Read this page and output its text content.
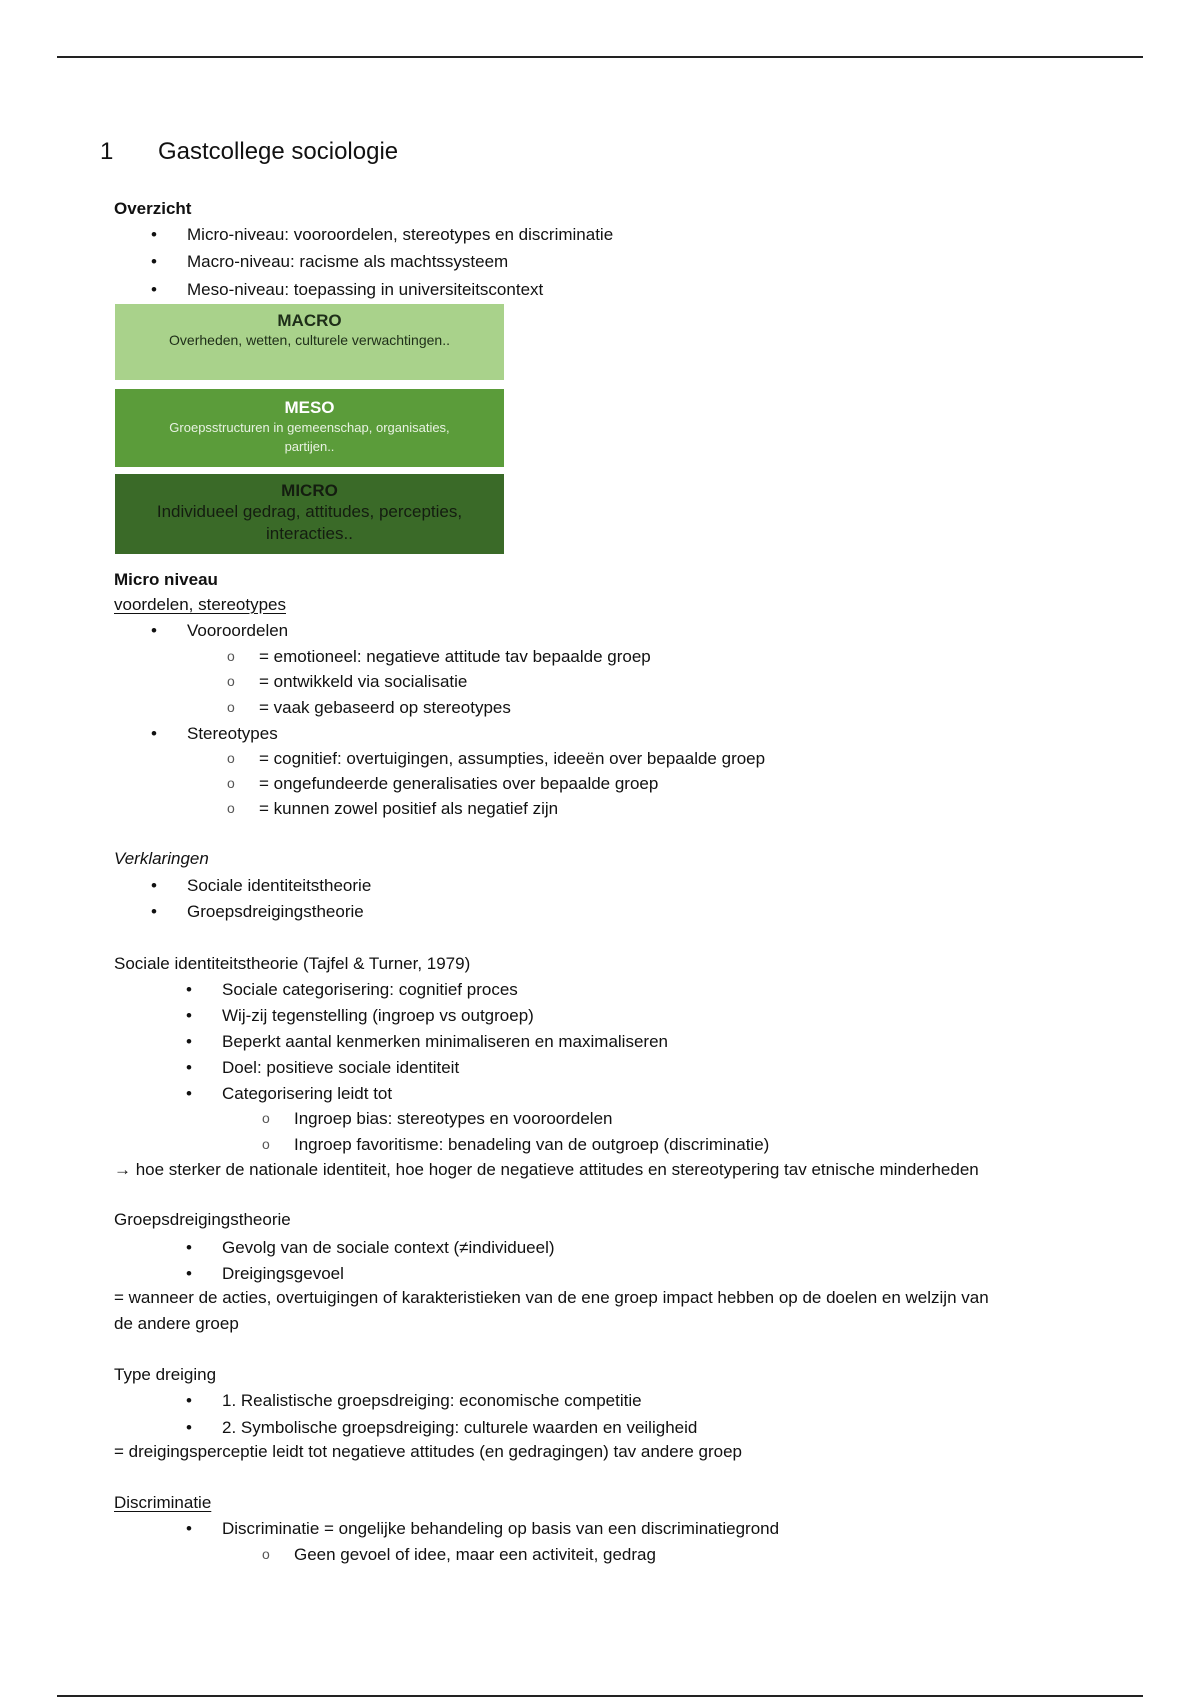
1 Gastcollege sociologie
Overzicht
• Micro-niveau: vooroordelen, stereotypes en discriminatie
• Macro-niveau: racisme als machtssysteem
• Meso-niveau: toepassing in universiteitscontext
MACRO
Overheden, wetten, culturele verwachtingen..
MESO
Groepsstructuren in gemeenschap, organisaties, partijen..
MICRO
Individueel gedrag, attitudes, percepties, interacties..
Micro niveau
voordelen, stereotypes
• Vooroordelen
o = emotioneel: negatieve attitude tav bepaalde groep
o = ontwikkeld via socialisatie
o = vaak gebaseerd op stereotypes
• Stereotypes
o = cognitief: overtuigingen, assumpties, ideeën over bepaalde groep
o = ongefundeerde generalisaties over bepaalde groep
o = kunnen zowel positief als negatief zijn
Verklaringen
• Sociale identiteitstheorie
• Groepsdreigingstheorie
Sociale identiteitstheorie (Tajfel & Turner, 1979)
• Sociale categorisering: cognitief proces
• Wij-zij tegenstelling (ingroep vs outgroep)
• Beperkt aantal kenmerken minimaliseren en maximaliseren
• Doel: positieve sociale identiteit
• Categorisering leidt tot
o Ingroep bias: stereotypes en vooroordelen
o Ingroep favoritisme: benadeling van de outgroep (discriminatie)
→ hoe sterker de nationale identiteit, hoe hoger de negatieve attitudes en stereotypering tav etnische minderheden
Groepsdreigingstheorie
• Gevolg van de sociale context (≠individueel)
• Dreigingsgevoel
= wanneer de acties, overtuigingen of karakteristieken van de ene groep impact hebben op de doelen en welzijn van
de andere groep
Type dreiging
• 1. Realistische groepsdreiging: economische competitie
• 2. Symbolische groepsdreiging: culturele waarden en veiligheid
= dreigingsperceptie leidt tot negatieve attitudes (en gedragingen) tav andere groep
Discriminatie
• Discriminatie = ongelijke behandeling op basis van een discriminatiegrond
o Geen gevoel of idee, maar een activiteit, gedrag
